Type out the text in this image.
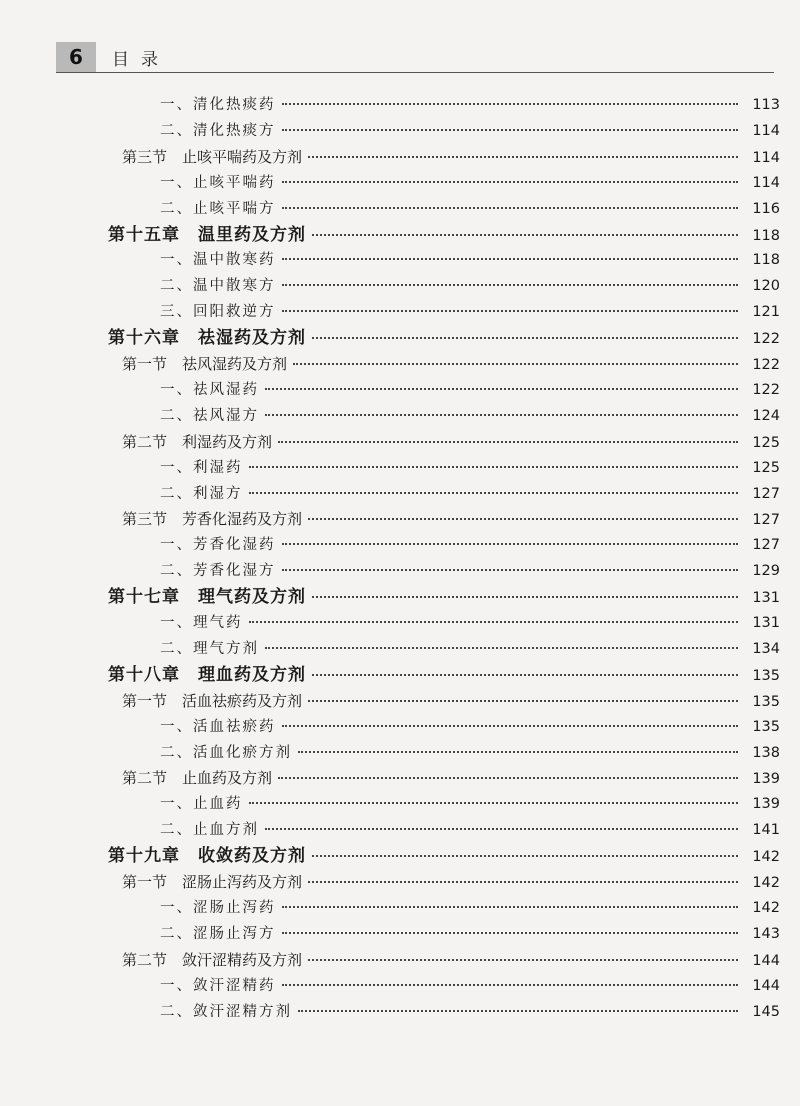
6	目录
一、清化热痰药	113
二、清化热痰方	114
第三节　止咳平喘药及方剂	114
一、止咳平喘药	114
二、止咳平喘方	116
第十五章　温里药及方剂	118
一、温中散寒药	118
二、温中散寒方	120
三、回阳救逆方	121
第十六章　祛湿药及方剂	122
第一节　祛风湿药及方剂	122
一、祛风湿药	122
二、祛风湿方	124
第二节　利湿药及方剂	125
一、利湿药	125
二、利湿方	127
第三节　芳香化湿药及方剂	127
一、芳香化湿药	127
二、芳香化湿方	129
第十七章　理气药及方剂	131
一、理气药	131
二、理气方剂	134
第十八章　理血药及方剂	135
第一节　活血祛瘀药及方剂	135
一、活血祛瘀药	135
二、活血化瘀方剂	138
第二节　止血药及方剂	139
一、止血药	139
二、止血方剂	141
第十九章　收敛药及方剂	142
第一节　涩肠止泻药及方剂	142
一、涩肠止泻药	142
二、涩肠止泻方	143
第二节　敛汗涩精药及方剂	144
一、敛汗涩精药	144
二、敛汗涩精方剂	145
